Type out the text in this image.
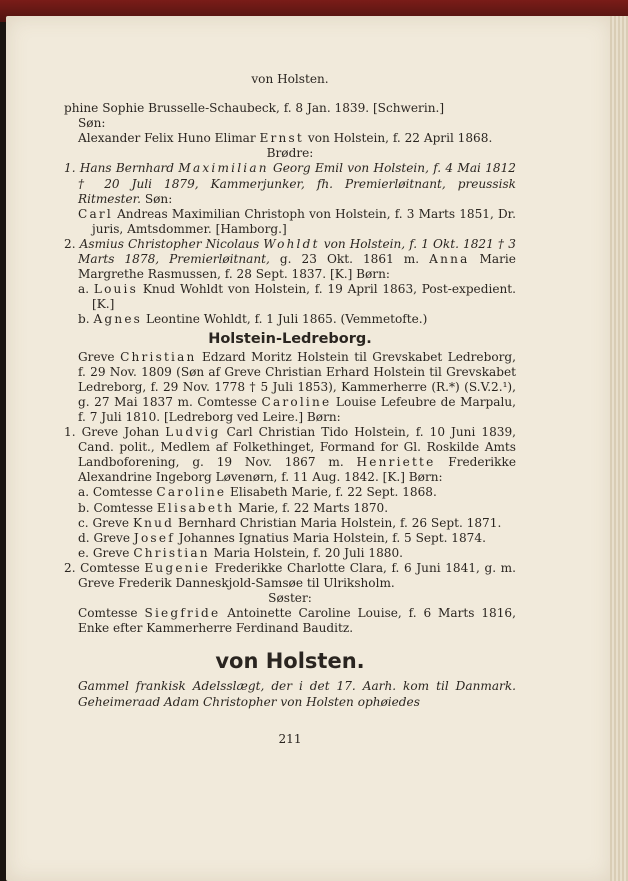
von Holsten.

phine Sophie Brusselle-Schaubeck, f. 8 Jan. 1839. [Schwerin.]

Søn:

Alexander Felix Huno Elimar Ernst von Holstein, f. 22 April 1868.

Brødre:

1. Hans Bernhard Maximilian Georg Emil von Holstein, f. 4 Mai 1812 † 20 Juli 1879, Kammerjunker, fh. Premierløitnant, preussisk Ritmester. Søn:

Carl Andreas Maximilian Christoph von Holstein, f. 3 Marts 1851, Dr. juris, Amtsdommer. [Hamborg.]

2. Asmius Christopher Nicolaus Wohldt von Holstein, f. 1 Okt. 1821 † 3 Marts 1878, Premierløitnant, g. 23 Okt. 1861 m. Anna Marie Margrethe Rasmussen, f. 28 Sept. 1837. [K.] Børn:

a. Louis Knud Wohldt von Holstein, f. 19 April 1863, Post-expedient. [K.]

b. Agnes Leontine Wohldt, f. 1 Juli 1865. (Vemmetofte.)

Holstein-Ledreborg.

Greve Christian Edzard Moritz Holstein til Grevskabet Ledreborg, f. 29 Nov. 1809 (Søn af Greve Christian Erhard Holstein til Grevskabet Ledreborg, f. 29 Nov. 1778 † 5 Juli 1853), Kammerherre (R.*) (S.V.2.¹), g. 27 Mai 1837 m. Comtesse Caroline Louise Lefeubre de Marpalu, f. 7 Juli 1810. [Ledreborg ved Leire.] Børn:

1. Greve Johan Ludvig Carl Christian Tido Holstein, f. 10 Juni 1839, Cand. polit., Medlem af Folkethinget, Formand for Gl. Roskilde Amts Landboforening, g. 19 Nov. 1867 m. Henriette Frederikke Alexandrine Ingeborg Løvenørn, f. 11 Aug. 1842. [K.] Børn:

a. Comtesse Caroline Elisabeth Marie, f. 22 Sept. 1868.

b. Comtesse Elisabeth Marie, f. 22 Marts 1870.

c. Greve Knud Bernhard Christian Maria Holstein, f. 26 Sept. 1871.

d. Greve Josef Johannes Ignatius Maria Holstein, f. 5 Sept. 1874.

e. Greve Christian Maria Holstein, f. 20 Juli 1880.

2. Comtesse Eugenie Frederikke Charlotte Clara, f. 6 Juni 1841, g. m. Greve Frederik Danneskjold-Samsøe til Ulriksholm.

Søster:

Comtesse Siegfride Antoinette Caroline Louise, f. 6 Marts 1816, Enke efter Kammerherre Ferdinand Bauditz.

von Holsten.

Gammel frankisk Adelsslægt, der i det 17. Aarh. kom til Danmark. Geheimeraad Adam Christopher von Holsten ophøiedes

211
